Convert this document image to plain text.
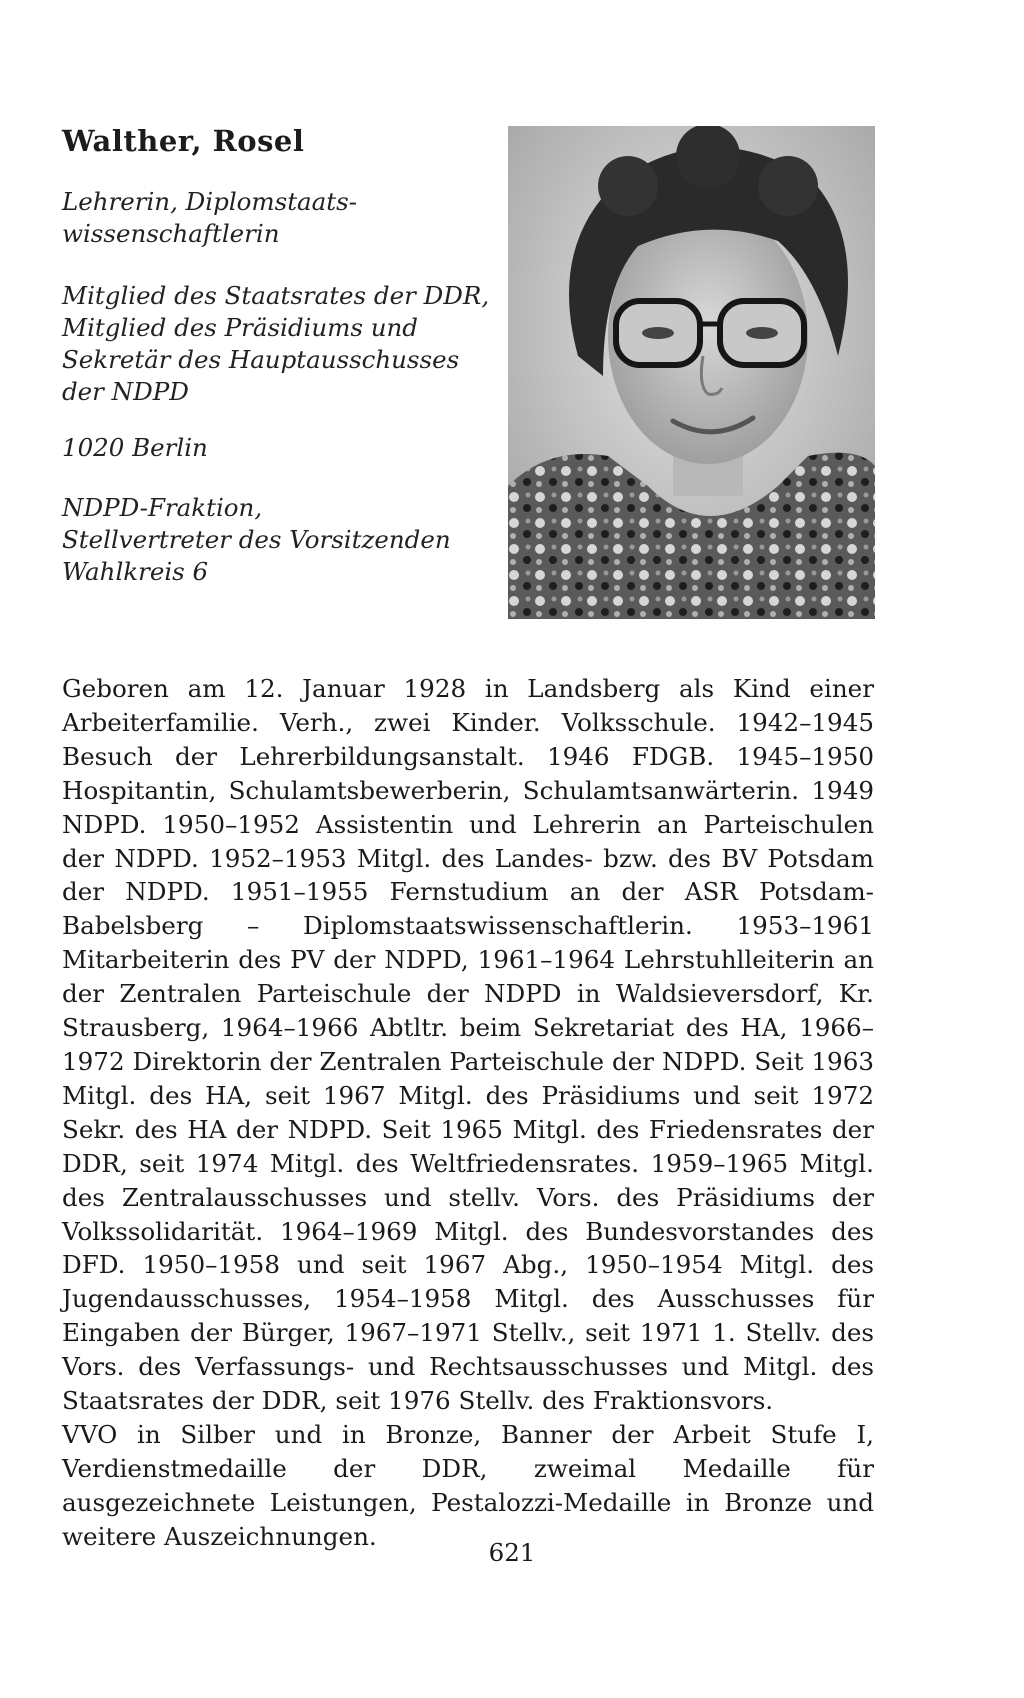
Walther, Rosel
Lehrerin, Diplomstaats-
wissenschaftlerin
Mitglied des Staatsrates der DDR,
Mitglied des Präsidiums und
Sekretär des Hauptausschusses
der NDPD
1020 Berlin
NDPD-Fraktion,
Stellvertreter des Vorsitzenden
Wahlkreis 6

Geboren am 12. Januar 1928 in Landsberg als Kind einer Arbeiterfamilie. Verh., zwei Kinder. Volksschule. 1942–1945 Besuch der Lehrerbildungsanstalt. 1946 FDGB. 1945–1950 Hospitantin, Schulamtsbewerberin, Schulamtsanwärterin. 1949 NDPD. 1950–1952 Assistentin und Lehrerin an Parteischulen der NDPD. 1952–1953 Mitgl. des Landes- bzw. des BV Potsdam der NDPD. 1951–1955 Fernstudium an der ASR Potsdam-Babelsberg – Diplomstaatswissenschaftlerin. 1953–1961 Mitarbeiterin des PV der NDPD, 1961–1964 Lehrstuhlleiterin an der Zentralen Parteischule der NDPD in Waldsieversdorf, Kr. Strausberg, 1964–1966 Abtltr. beim Sekretariat des HA, 1966–1972 Direktorin der Zentralen Parteischule der NDPD. Seit 1963 Mitgl. des HA, seit 1967 Mitgl. des Präsidiums und seit 1972 Sekr. des HA der NDPD. Seit 1965 Mitgl. des Friedensrates der DDR, seit 1974 Mitgl. des Weltfriedensrates. 1959–1965 Mitgl. des Zentralausschusses und stellv. Vors. des Präsidiums der Volkssolidarität. 1964–1969 Mitgl. des Bundesvorstandes des DFD. 1950–1958 und seit 1967 Abg., 1950–1954 Mitgl. des Jugendausschusses, 1954–1958 Mitgl. des Ausschusses für Eingaben der Bürger, 1967–1971 Stellv., seit 1971 1. Stellv. des Vors. des Verfassungs- und Rechtsausschusses und Mitgl. des Staatsrates der DDR, seit 1976 Stellv. des Fraktionsvors.

VVO in Silber und in Bronze, Banner der Arbeit Stufe I, Verdienstmedaille der DDR, zweimal Medaille für ausgezeichnete Leistungen, Pestalozzi-Medaille in Bronze und weitere Auszeichnungen.

621
